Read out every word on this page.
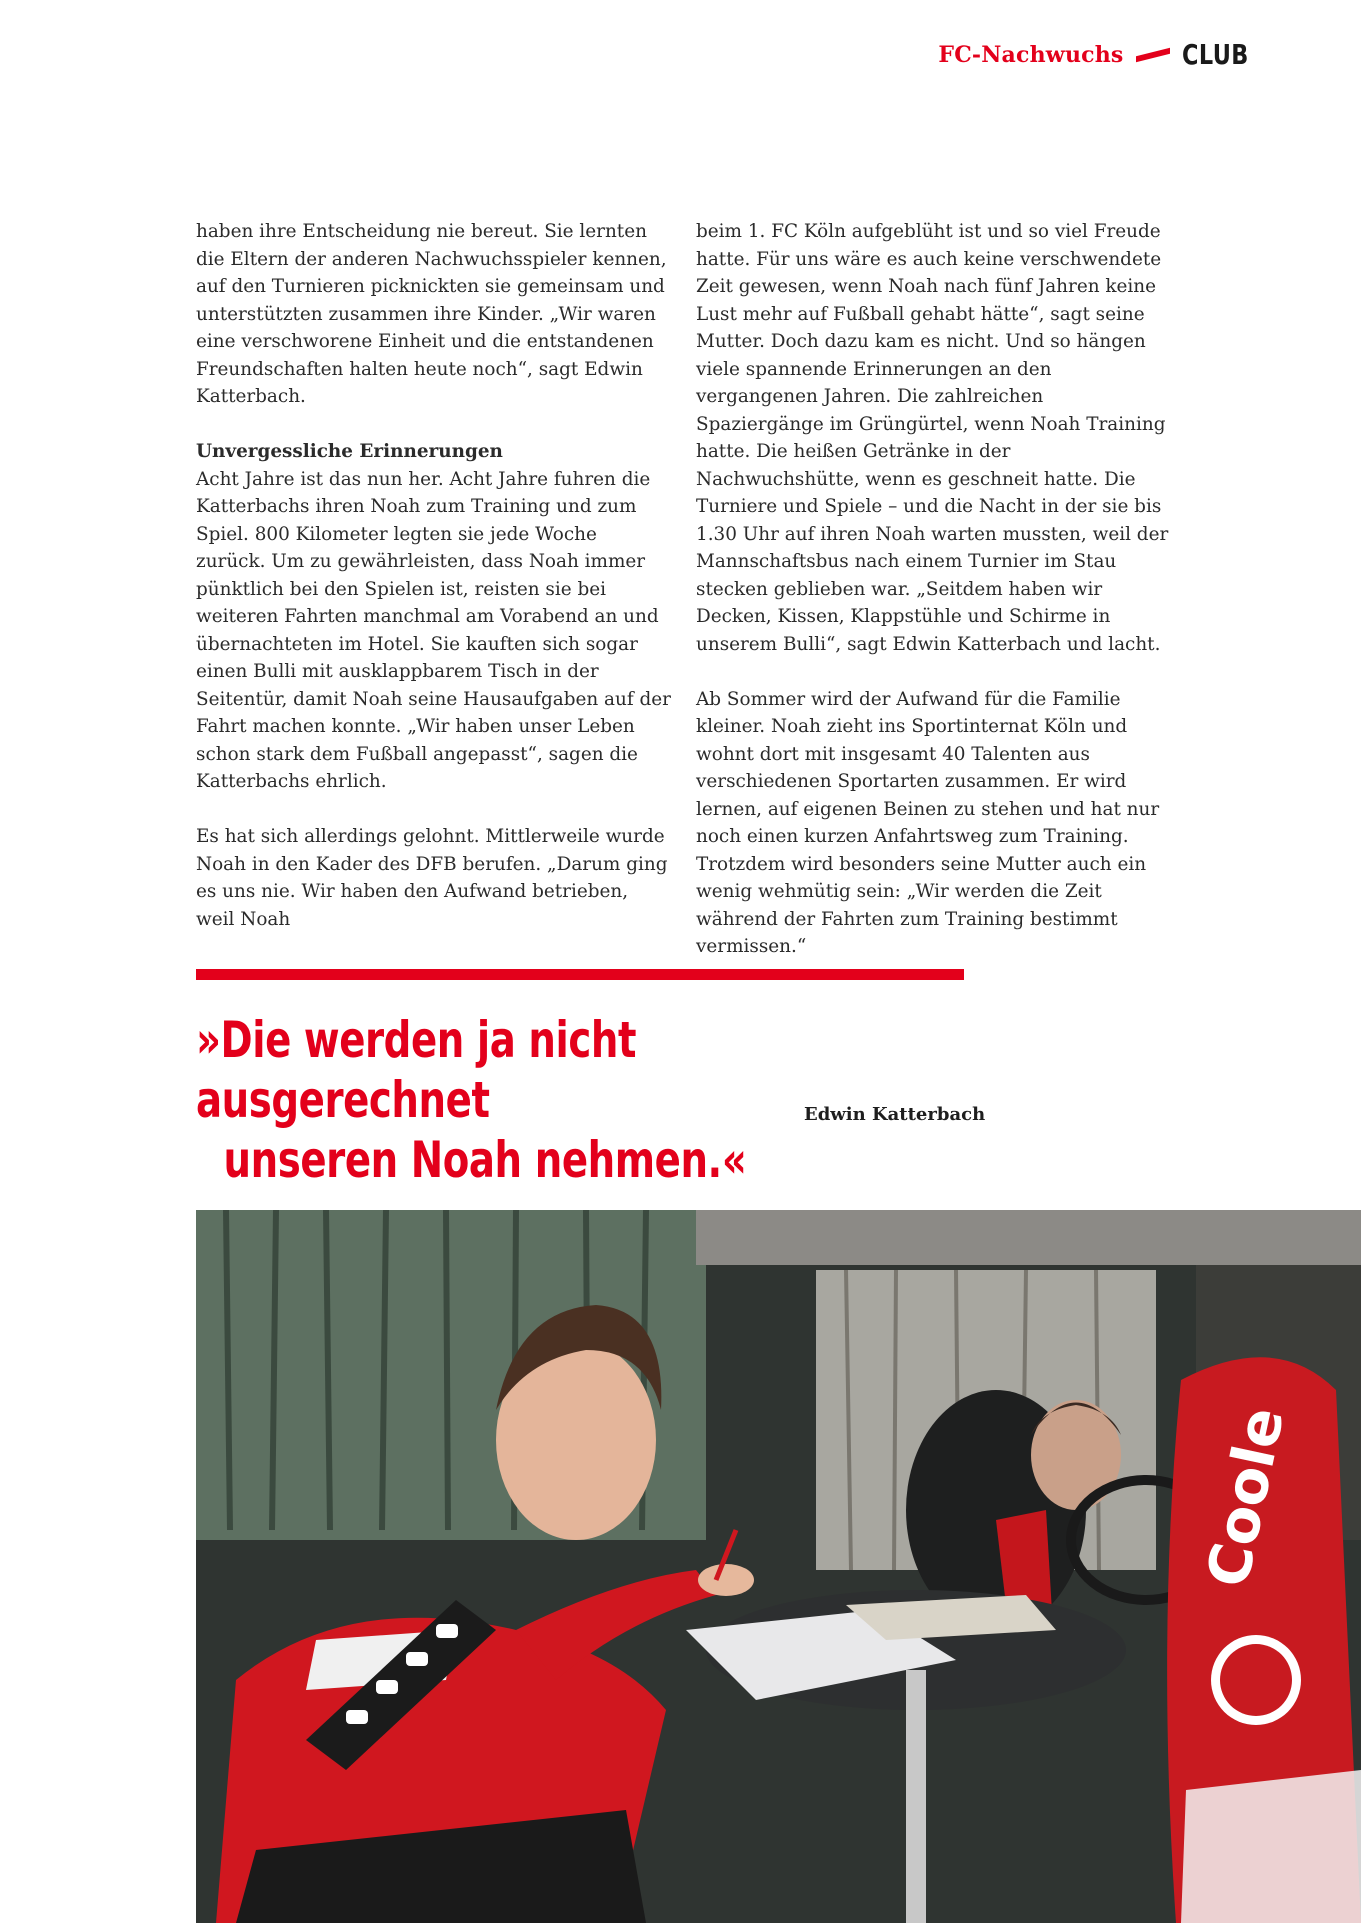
FC-Nachwuchs CLUB

haben ihre Entscheidung nie bereut. Sie lernten die Eltern der anderen Nachwuchsspieler kennen, auf den Turnieren picknickten sie gemeinsam und unterstützten zusammen ihre Kinder. „Wir waren eine verschworene Einheit und die entstandenen Freundschaften halten heute noch“, sagt Edwin Katterbach.

Unvergessliche Erinnerungen
Acht Jahre ist das nun her. Acht Jahre fuhren die Katterbachs ihren Noah zum Training und zum Spiel. 800 Kilometer legten sie jede Woche zurück. Um zu gewährleisten, dass Noah immer pünktlich bei den Spielen ist, reisten sie bei weiteren Fahrten manchmal am Vorabend an und übernachteten im Hotel. Sie kauften sich sogar einen Bulli mit ausklappbarem Tisch in der Seitentür, damit Noah seine Hausaufgaben auf der Fahrt machen konnte. „Wir haben unser Leben schon stark dem Fußball angepasst“, sagen die Katterbachs ehrlich.

Es hat sich allerdings gelohnt. Mittlerweile wurde Noah in den Kader des DFB berufen. „Darum ging es uns nie. Wir haben den Aufwand betrieben, weil Noah

beim 1. FC Köln aufgeblüht ist und so viel Freude hatte. Für uns wäre es auch keine verschwendete Zeit gewesen, wenn Noah nach fünf Jahren keine Lust mehr auf Fußball gehabt hätte“, sagt seine Mutter. Doch dazu kam es nicht. Und so hängen viele spannende Erinnerungen an den vergangenen Jahren. Die zahlreichen Spaziergänge im Grüngürtel, wenn Noah Training hatte. Die heißen Getränke in der Nachwuchshütte, wenn es geschneit hatte. Die Turniere und Spiele – und die Nacht in der sie bis 1.30 Uhr auf ihren Noah warten mussten, weil der Mannschaftsbus nach einem Turnier im Stau stecken geblieben war. „Seitdem haben wir Decken, Kissen, Klappstühle und Schirme in unserem Bulli“, sagt Edwin Katterbach und lacht.

Ab Sommer wird der Aufwand für die Familie kleiner. Noah zieht ins Sportinternat Köln und wohnt dort mit insgesamt 40 Talenten aus verschiedenen Sportarten zusammen. Er wird lernen, auf eigenen Beinen zu stehen und hat nur noch einen kurzen Anfahrtsweg zum Training. Trotzdem wird besonders seine Mutter auch ein wenig wehmütig sein: „Wir werden die Zeit während der Fahrten zum Training bestimmt vermissen.“

»Die werden ja nicht ausgerechnet
unseren Noah nehmen.«
Edwin Katterbach
Coole
